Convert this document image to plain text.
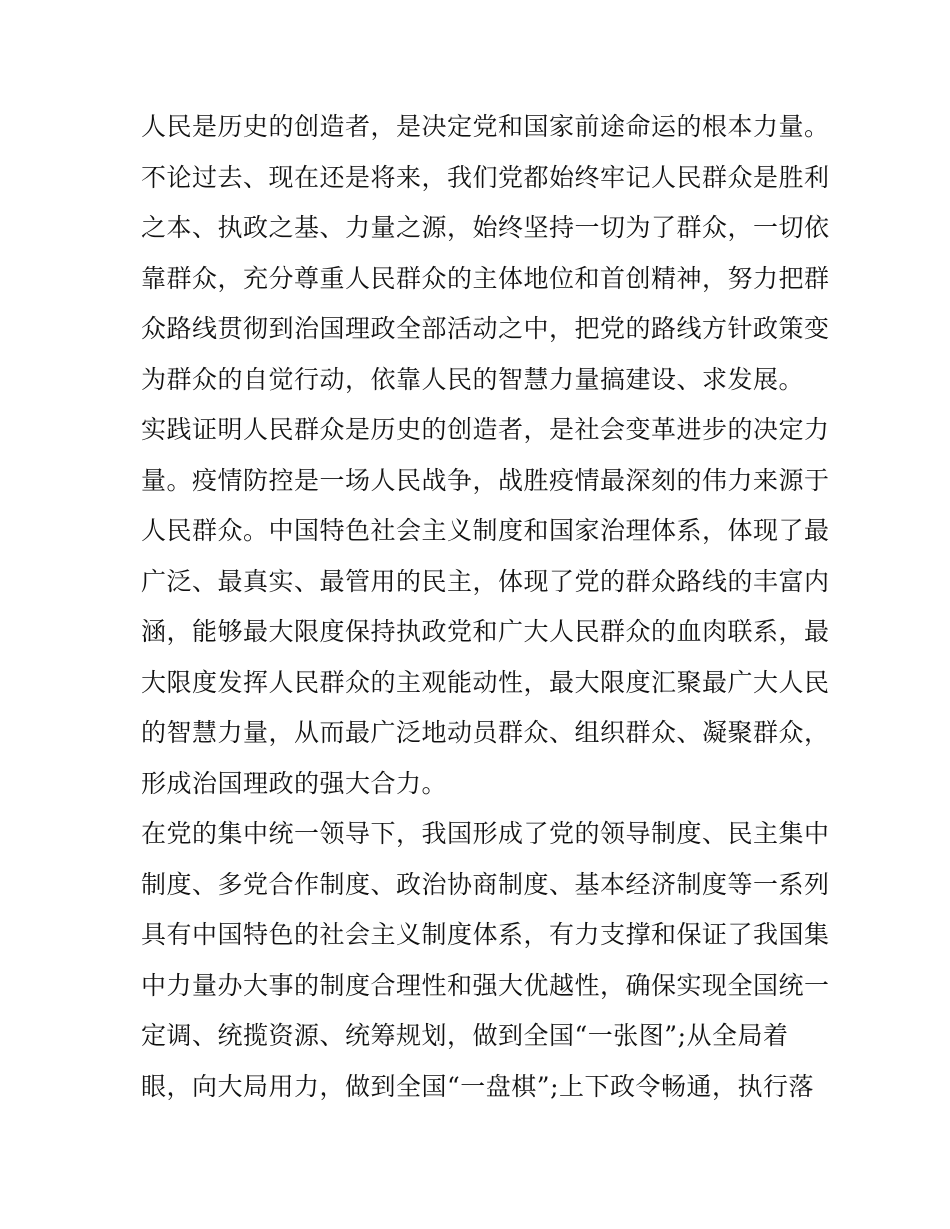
人民是历史的创造者，是决定党和国家前途命运的根本力量。
不论过去、现在还是将来，我们党都始终牢记人民群众是胜利
之本、执政之基、力量之源，始终坚持一切为了群众，一切依
靠群众，充分尊重人民群众的主体地位和首创精神，努力把群
众路线贯彻到治国理政全部活动之中，把党的路线方针政策变
为群众的自觉行动，依靠人民的智慧力量搞建设、求发展。
实践证明人民群众是历史的创造者，是社会变革进步的决定力
量。疫情防控是一场人民战争，战胜疫情最深刻的伟力来源于
人民群众。中国特色社会主义制度和国家治理体系，体现了最
广泛、最真实、最管用的民主，体现了党的群众路线的丰富内
涵，能够最大限度保持执政党和广大人民群众的血肉联系，最
大限度发挥人民群众的主观能动性，最大限度汇聚最广大人民
的智慧力量，从而最广泛地动员群众、组织群众、凝聚群众，
形成治国理政的强大合力。
在党的集中统一领导下，我国形成了党的领导制度、民主集中
制度、多党合作制度、政治协商制度、基本经济制度等一系列
具有中国特色的社会主义制度体系，有力支撑和保证了我国集
中力量办大事的制度合理性和强大优越性，确保实现全国统一
定调、统揽资源、统筹规划，做到全国“一张图”;从全局着
眼，向大局用力，做到全国“一盘棋”;上下政令畅通，执行落
